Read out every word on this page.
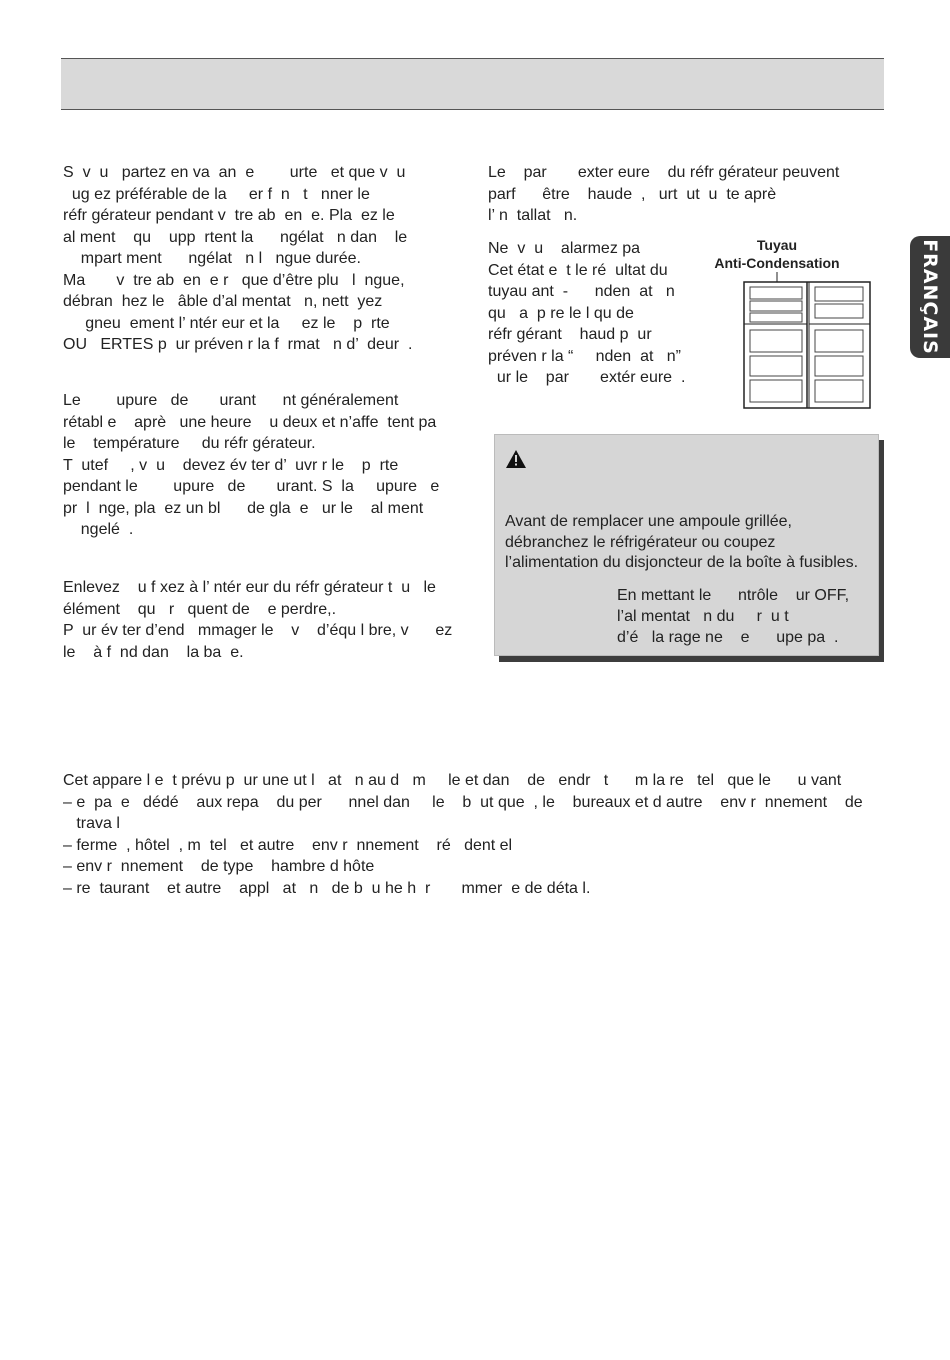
FRANÇAIS
S  v  u   partez en va  an  e        urte   et que v  u
ug ez préférable de la     er f  n   t   nner le
réfr gérateur pendant v  tre ab  en  e. Pla  ez le
al ment    qu    upp  rtent la      ngélat   n dan    le
mpart ment      ngélat   n l   ngue durée.
Ma       v  tre ab  en  e r   que d’être plu   l  ngue,
débran  hez le   âble d’al mentat   n, nett  yez
gneu  ement l’ ntér eur et la     ez le    p  rte
OU   ERTES p  ur préven r la f  rmat   n d’  deur  .
Le        upure   de       urant      nt généralement
rétabl e    aprè   une heure    u deux et n’affe  tent pa
le    température     du réfr gérateur.
T  utef     , v  u    devez év ter d’  uvr r le    p  rte
pendant le        upure   de       urant. S  la     upure   e
pr  l  nge, pla  ez un bl      de gla  e   ur le    al ment
ngelé  .
Enlevez    u f xez à l’ ntér eur du réfr gérateur t  u   le
élément    qu   r   quent de    e perdre,.
P  ur év ter d’end   mmager le    v    d’équ l bre, v      ez
le    à f  nd dan    la ba  e.
Le    par       exter eure    du réfr gérateur peuvent
parf      être    haude  ,   urt  ut  u  te aprè
l’ n  tallat   n.
Ne  v  u    alarmez pa
Cet état e  t le ré  ultat du
tuyau ant  -      nden  at   n
qu   a  p re le l qu de
réfr gérant    haud p  ur
préven r la “     nden  at   n”
ur le    par       extér eure  .
Tuyau
Anti-Condensation
Avant de remplacer une ampoule grillée,
débranchez le réfrigérateur ou coupez
l’alimentation du disjoncteur de la boîte à fusibles.
En mettant le      ntrôle    ur OFF,
l’al mentat   n du     r  u t
d’é   la rage ne    e      upe pa  .
Cet appare l e  t prévu p  ur une ut l   at   n au d   m     le et dan    de   endr   t      m la re   tel   que le      u vant
– e  pa  e   dédé    aux repa    du per      nnel dan     le    b  ut que  , le    bureaux et d autre    env r  nnement    de
trava l
– ferme  , hôtel  , m  tel   et autre    env r  nnement    ré   dent el
– env r  nnement    de type    hambre d hôte
– re  taurant    et autre    appl   at   n   de b  u he h  r       mmer  e de déta l.
